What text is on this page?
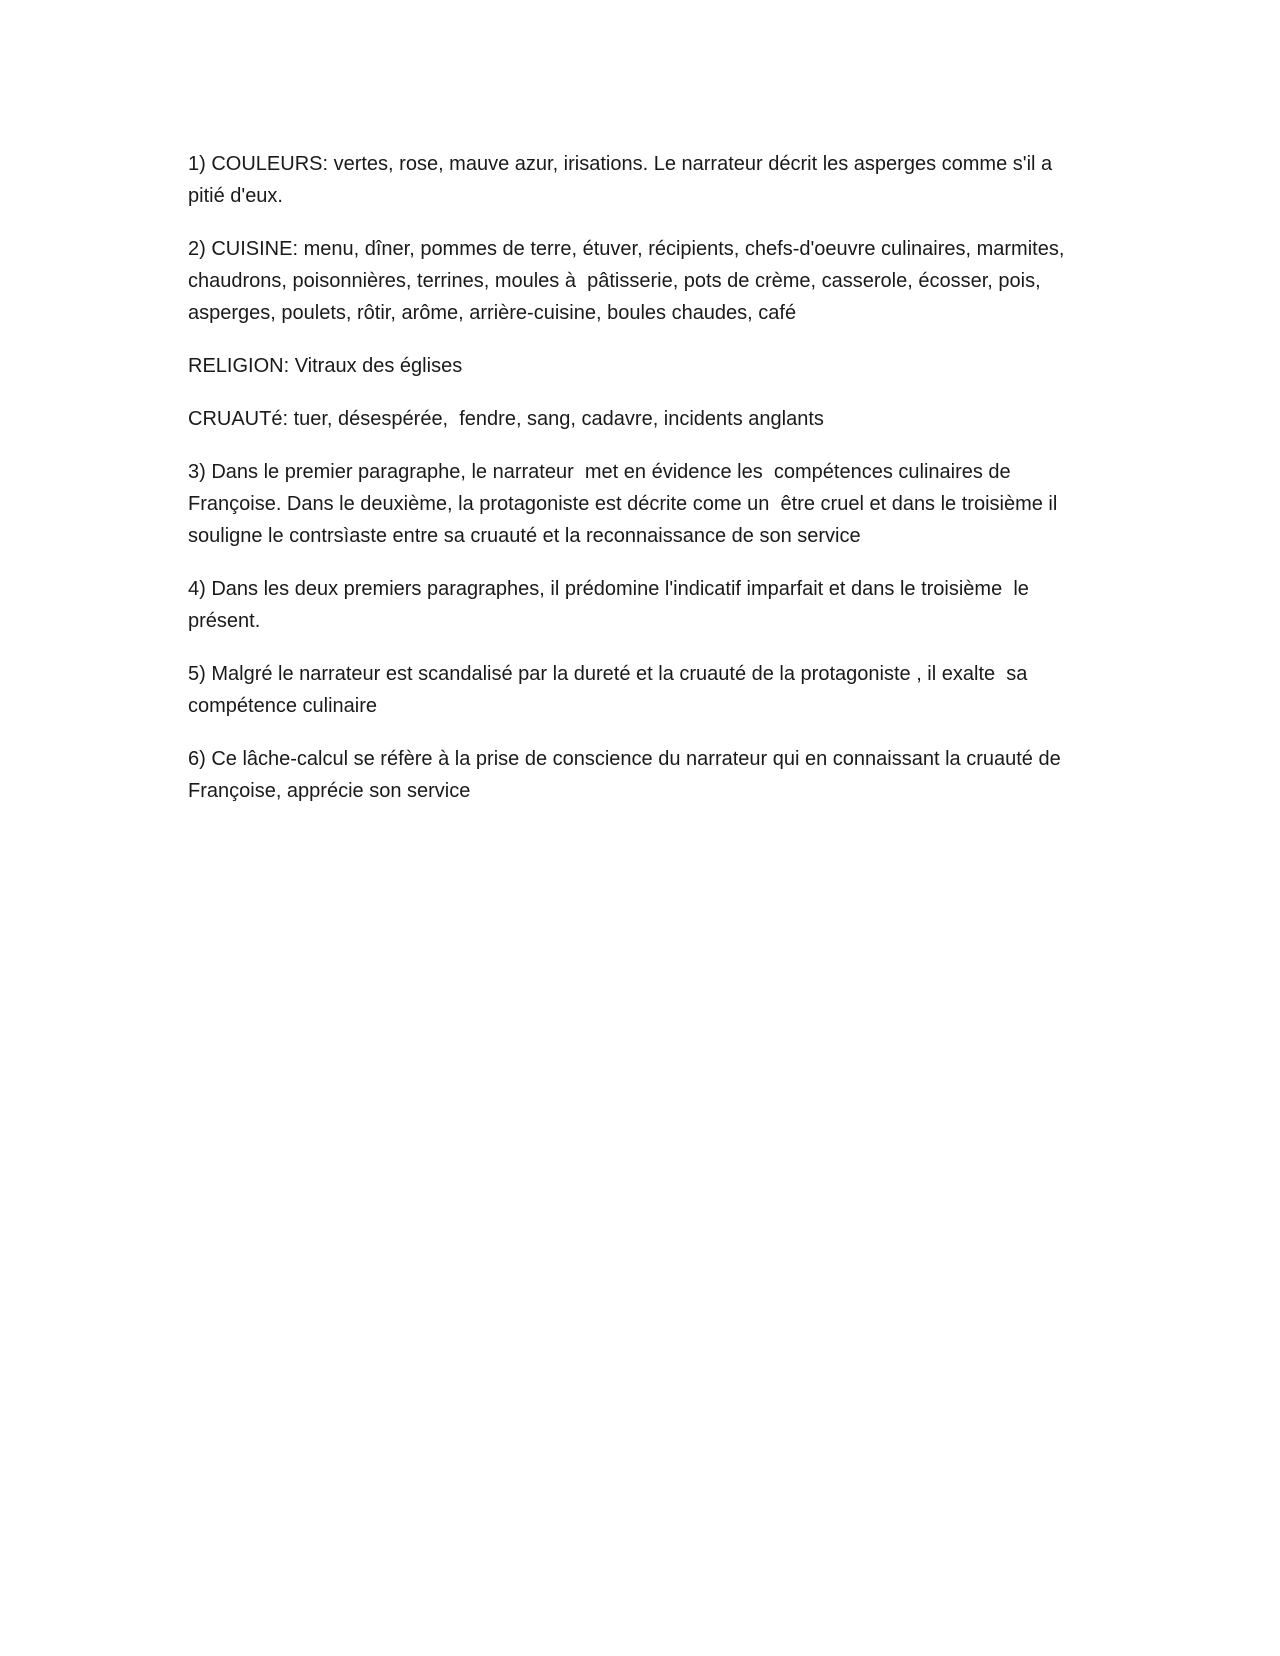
1) COULEURS: vertes, rose, mauve azur, irisations. Le narrateur décrit les asperges comme s'il a pitié d'eux.

2) CUISINE: menu, dîner, pommes de terre, étuver, récipients, chefs-d'oeuvre culinaires, marmites, chaudrons, poisonnières, terrines, moules à  pâtisserie, pots de crème, casserole, écosser, pois, asperges, poulets, rôtir, arôme, arrière-cuisine, boules chaudes, café

RELIGION: Vitraux des églises

CRUAUTé: tuer, désespérée,  fendre, sang, cadavre, incidents anglants

3) Dans le premier paragraphe, le narrateur  met en évidence les  compétences culinaires de Françoise. Dans le deuxième, la protagoniste est décrite come un  être cruel et dans le troisième il souligne le contrsìaste entre sa cruauté et la reconnaissance de son service

4) Dans les deux premiers paragraphes, il prédomine l'indicatif imparfait et dans le troisième  le présent.

5) Malgré le narrateur est scandalisé par la dureté et la cruauté de la protagoniste , il exalte  sa compétence culinaire

6) Ce lâche-calcul se réfère à la prise de conscience du narrateur qui en connaissant la cruauté de Françoise, apprécie son service
